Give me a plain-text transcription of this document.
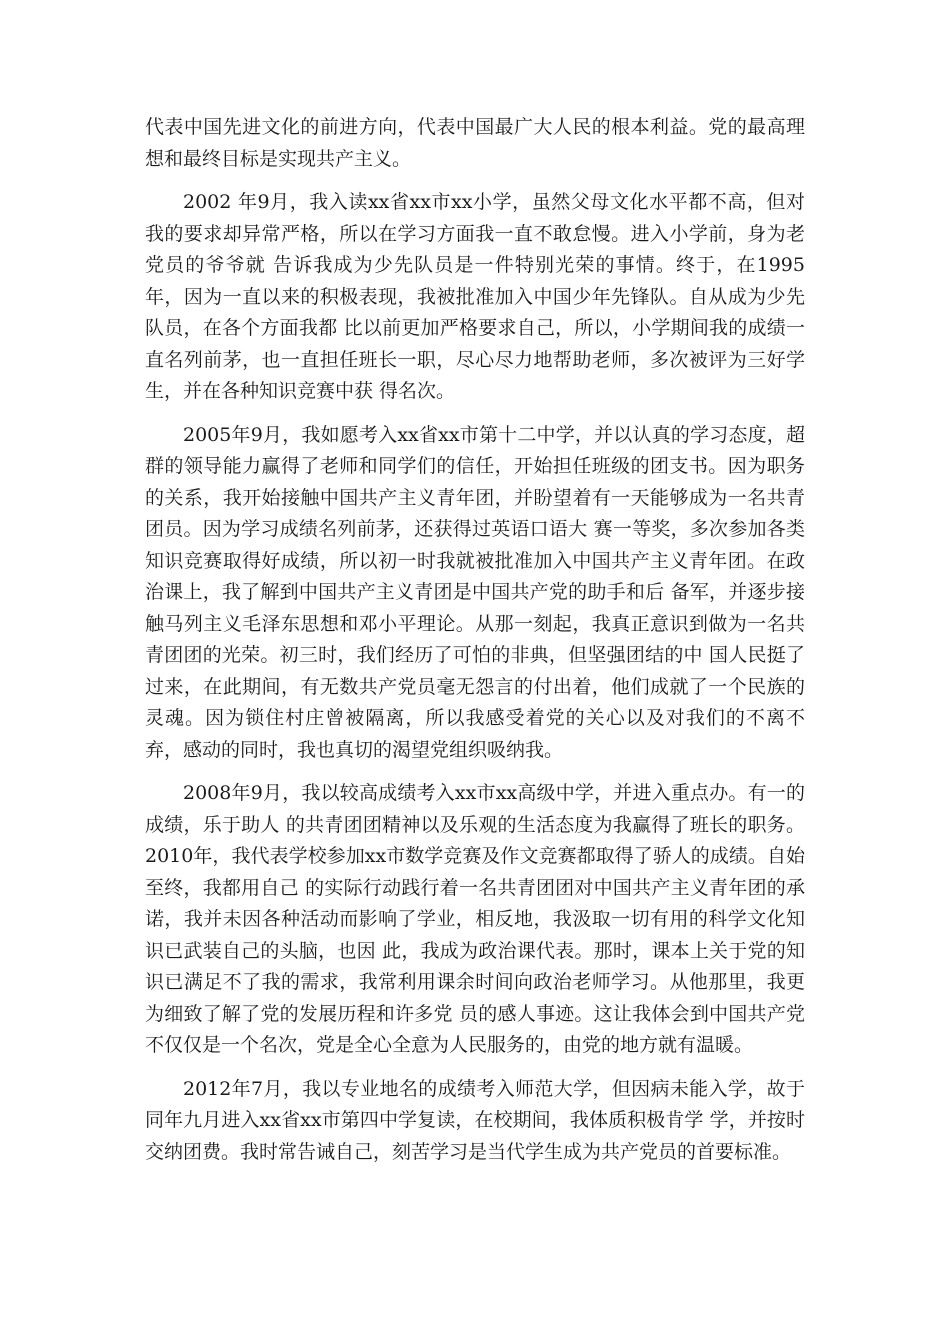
代表中国先进文化的前进方向，代表中国最广大人民的根本利益。党的最高理想和最终目标是实现共产主义。

2002 年9月，我入读xx省xx市xx小学，虽然父母文化水平都不高，但对我的要求却异常严格，所以在学习方面我一直不敢怠慢。进入小学前，身为老党员的爷爷就 告诉我成为少先队员是一件特别光荣的事情。终于，在1995年，因为一直以来的积极表现，我被批准加入中国少年先锋队。自从成为少先队员，在各个方面我都 比以前更加严格要求自己，所以，小学期间我的成绩一直名列前茅，也一直担任班长一职，尽心尽力地帮助老师，多次被评为三好学生，并在各种知识竞赛中获 得名次。

2005年9月，我如愿考入xx省xx市第十二中学，并以认真的学习态度，超群的领导能力赢得了老师和同学们的信任，开始担任班级的团支书。因为职务的关系，我开始接触中国共产主义青年团，并盼望着有一天能够成为一名共青团员。因为学习成绩名列前茅，还获得过英语口语大 赛一等奖，多次参加各类知识竞赛取得好成绩，所以初一时我就被批准加入中国共产主义青年团。在政治课上，我了解到中国共产主义青团是中国共产党的助手和后 备军，并逐步接触马列主义毛泽东思想和邓小平理论。从那一刻起，我真正意识到做为一名共青团团的光荣。初三时，我们经历了可怕的非典，但坚强团结的中 国人民挺了过来，在此期间，有无数共产党员毫无怨言的付出着，他们成就了一个民族的灵魂。因为锁住村庄曾被隔离，所以我感受着党的关心以及对我们的不离不弃，感动的同时，我也真切的渴望党组织吸纳我。

2008年9月，我以较高成绩考入xx市xx高级中学，并进入重点办。有一的成绩，乐于助人 的共青团团精神以及乐观的生活态度为我赢得了班长的职务。2010年，我代表学校参加xx市数学竞赛及作文竞赛都取得了骄人的成绩。自始至终，我都用自己 的实际行动践行着一名共青团团对中国共产主义青年团的承诺，我并未因各种活动而影响了学业，相反地，我汲取一切有用的科学文化知识已武装自己的头脑，也因 此，我成为政治课代表。那时，课本上关于党的知识已满足不了我的需求，我常利用课余时间向政治老师学习。从他那里，我更为细致了解了党的发展历程和许多党 员的感人事迹。这让我体会到中国共产党不仅仅是一个名次，党是全心全意为人民服务的，由党的地方就有温暖。

2012年7月，我以专业地名的成绩考入师范大学，但因病未能入学，故于同年九月进入xx省xx市第四中学复读，在校期间，我体质积极肯学 学，并按时交纳团费。我时常告诫自己，刻苦学习是当代学生成为共产党员的首要标准。
